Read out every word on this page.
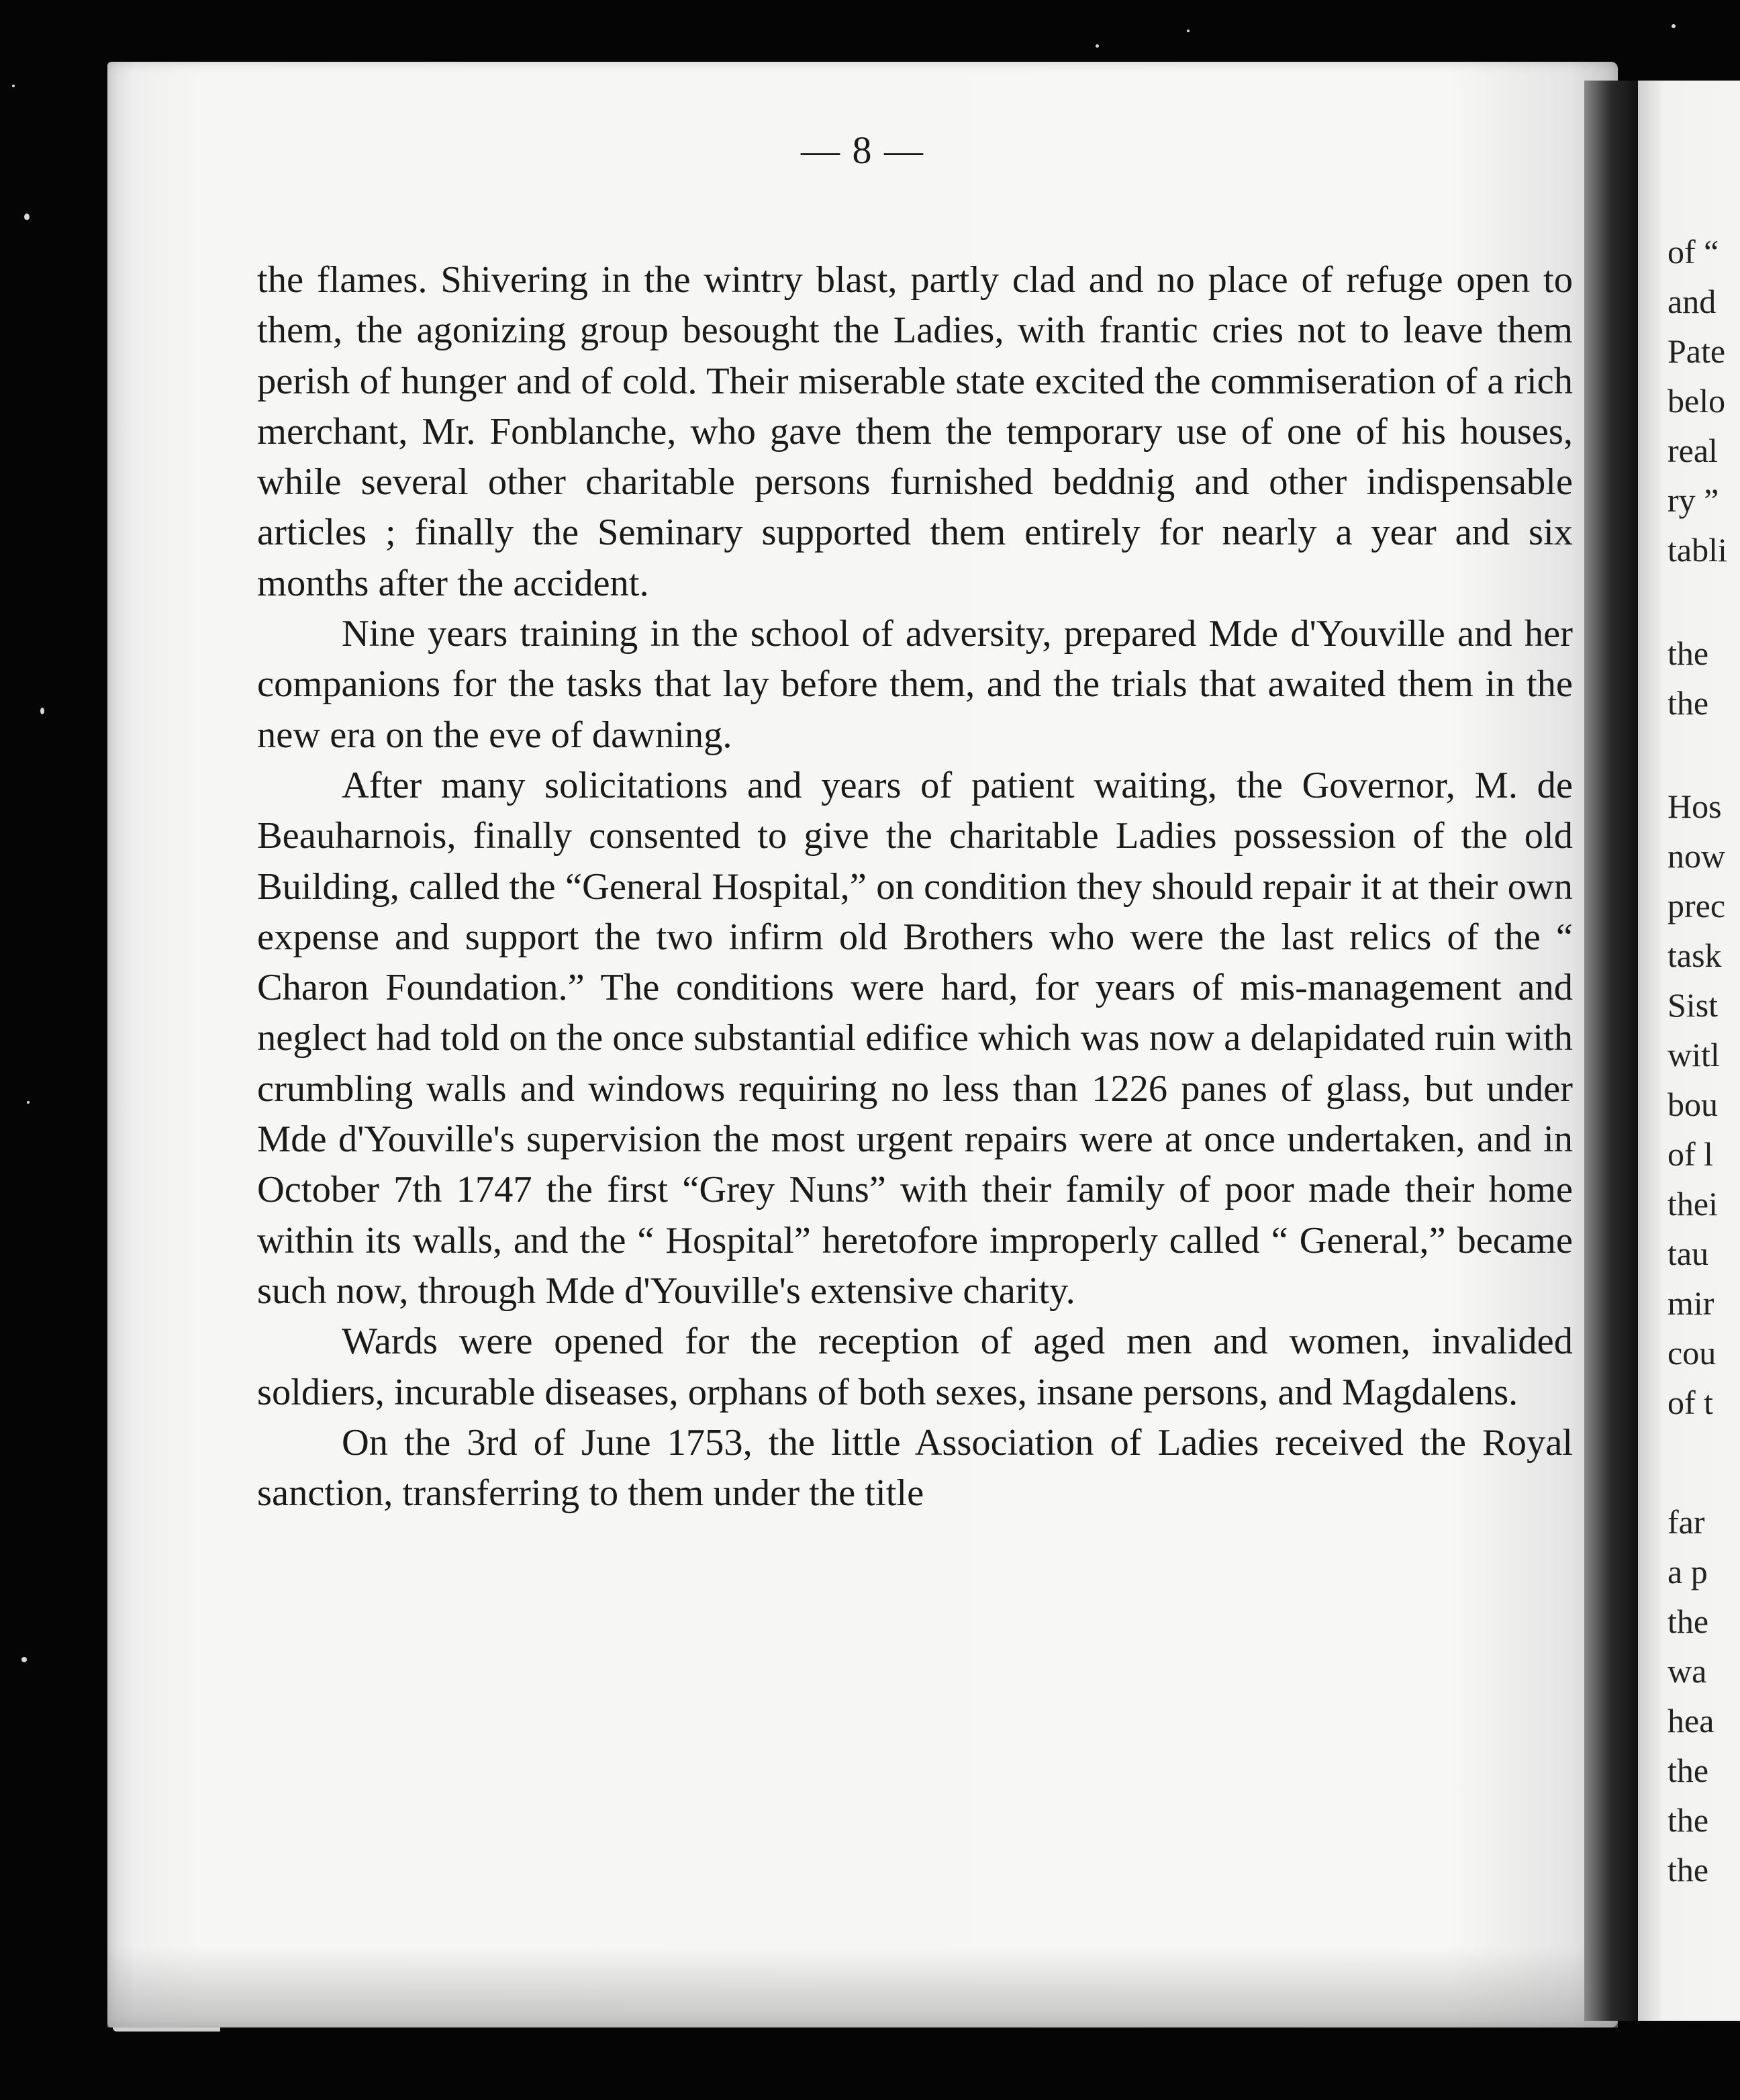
— 8 —

the flames. Shivering in the wintry blast, partly clad and no place of refuge open to them, the agonizing group besought the Ladies, with frantic cries not to leave them perish of hunger and of cold. Their miserable state excited the commiseration of a rich merchant, Mr. Fonblanche, who gave them the temporary use of one of his houses, while several other charitable persons furnished beddnig and other indispensable articles ; finally the Seminary supported them entirely for nearly a year and six months after the accident.

Nine years training in the school of adversity, prepared Mde d'Youville and her companions for the tasks that lay before them, and the trials that awaited them in the new era on the eve of dawning.

After many solicitations and years of patient waiting, the Governor, M. de Beauharnois, finally consented to give the charitable Ladies possession of the old Building, called the “General Hospital,” on condition they should repair it at their own expense and support the two infirm old Brothers who were the last relics of the “ Charon Foundation.” The conditions were hard, for years of mis-management and neglect had told on the once substantial edifice which was now a delapidated ruin with crumbling walls and windows requiring no less than 1226 panes of glass, but under Mde d'Youville's supervision the most urgent repairs were at once undertaken, and in October 7th 1747 the first “Grey Nuns” with their family of poor made their home within its walls, and the “ Hospital” heretofore improperly called “ General,” became such now, through Mde d'Youville's extensive charity.

Wards were opened for the reception of aged men and women, invalided soldiers, incurable diseases, orphans of both sexes, insane persons, and Magdalens.

On the 3rd of June 1753, the little Association of Ladies received the Royal sanction, transferring to them under the title

of “
and
Pate
belo
real
ry ”
tabli
the
the
Hos
now
prec
task
Sist
witl
bou
of l
thei
tau
mir
cou
of t
far
a p
the
wa
hea
the
the
the
